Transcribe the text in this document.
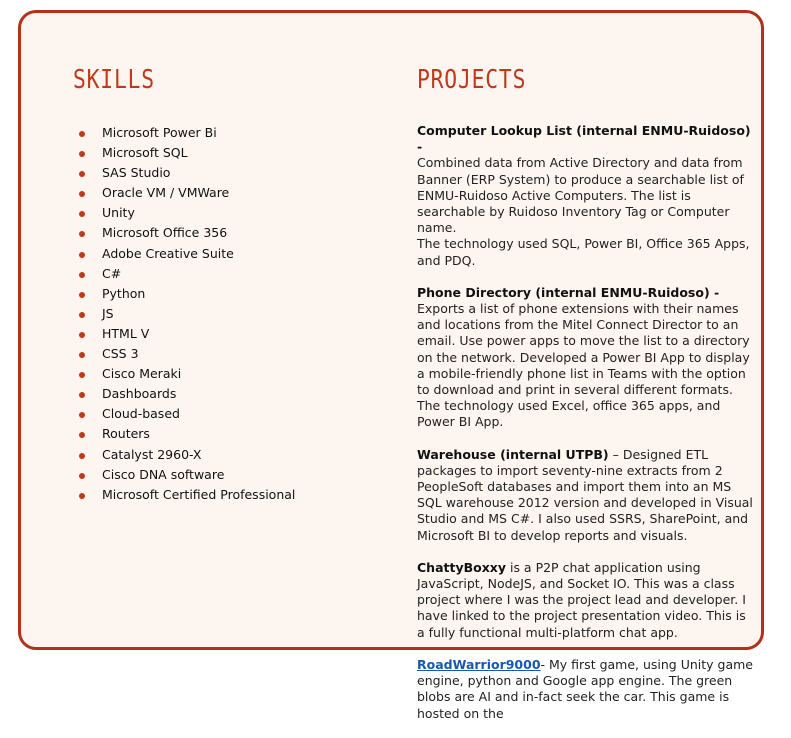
SKILLS
Microsoft Power Bi
Microsoft SQL
SAS Studio
Oracle VM / VMWare
Unity
Microsoft Office 356
Adobe Creative Suite
C#
Python
JS
HTML V
CSS 3
Cisco Meraki
Dashboards
Cloud-based
Routers
Catalyst 2960-X
Cisco DNA software
Microsoft Certified Professional
PROJECTS

Computer Lookup List (internal ENMU-Ruidoso) -
Combined data from Active Directory and data from Banner (ERP System) to produce a searchable list of ENMU-Ruidoso Active Computers. The list is searchable by Ruidoso Inventory Tag or Computer name.
The technology used SQL, Power BI, Office 365 Apps, and PDQ.

Phone Directory (internal ENMU-Ruidoso) -
Exports a list of phone extensions with their names and locations from the Mitel Connect Director to an email. Use power apps to move the list to a directory on the network. Developed a Power BI App to display a mobile-friendly phone list in Teams with the option to download and print in several different formats.
The technology used Excel, office 365 apps, and Power BI App.

Warehouse (internal UTPB) – Designed ETL packages to import seventy-nine extracts from 2 PeopleSoft databases and import them into an MS SQL warehouse 2012 version and developed in Visual Studio and MS C#. I also used SSRS, SharePoint, and Microsoft BI to develop reports and visuals.

ChattyBoxxy is a P2P chat application using JavaScript, NodeJS, and Socket IO. This was a class project where I was the project lead and developer. I have linked to the project presentation video. This is a fully functional multi-platform chat app.

RoadWarrior9000- My first game, using Unity game engine, python and Google app engine. The green blobs are AI and in-fact seek the car. This game is hosted on the
